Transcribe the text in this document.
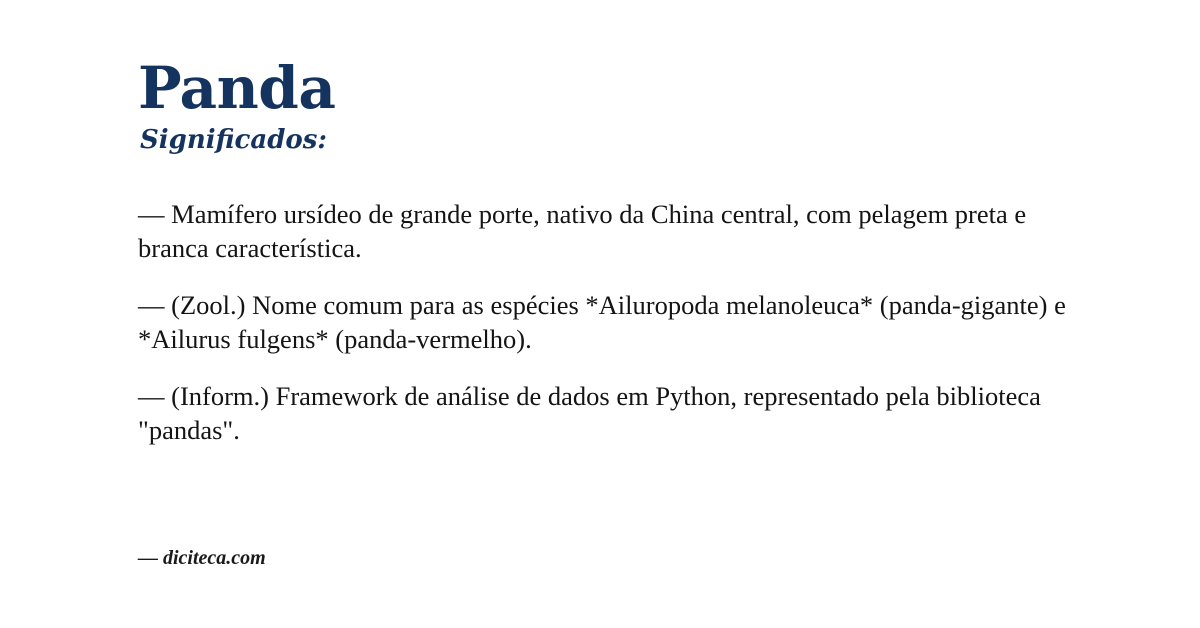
Panda
Significados:

— Mamífero ursídeo de grande porte, nativo da China central, com pelagem preta e branca característica.

— (Zool.) Nome comum para as espécies *Ailuropoda melanoleuca* (panda-gigante) e *Ailurus fulgens* (panda-vermelho).

— (Inform.) Framework de análise de dados em Python, representado pela biblioteca "pandas".

— diciteca.com
